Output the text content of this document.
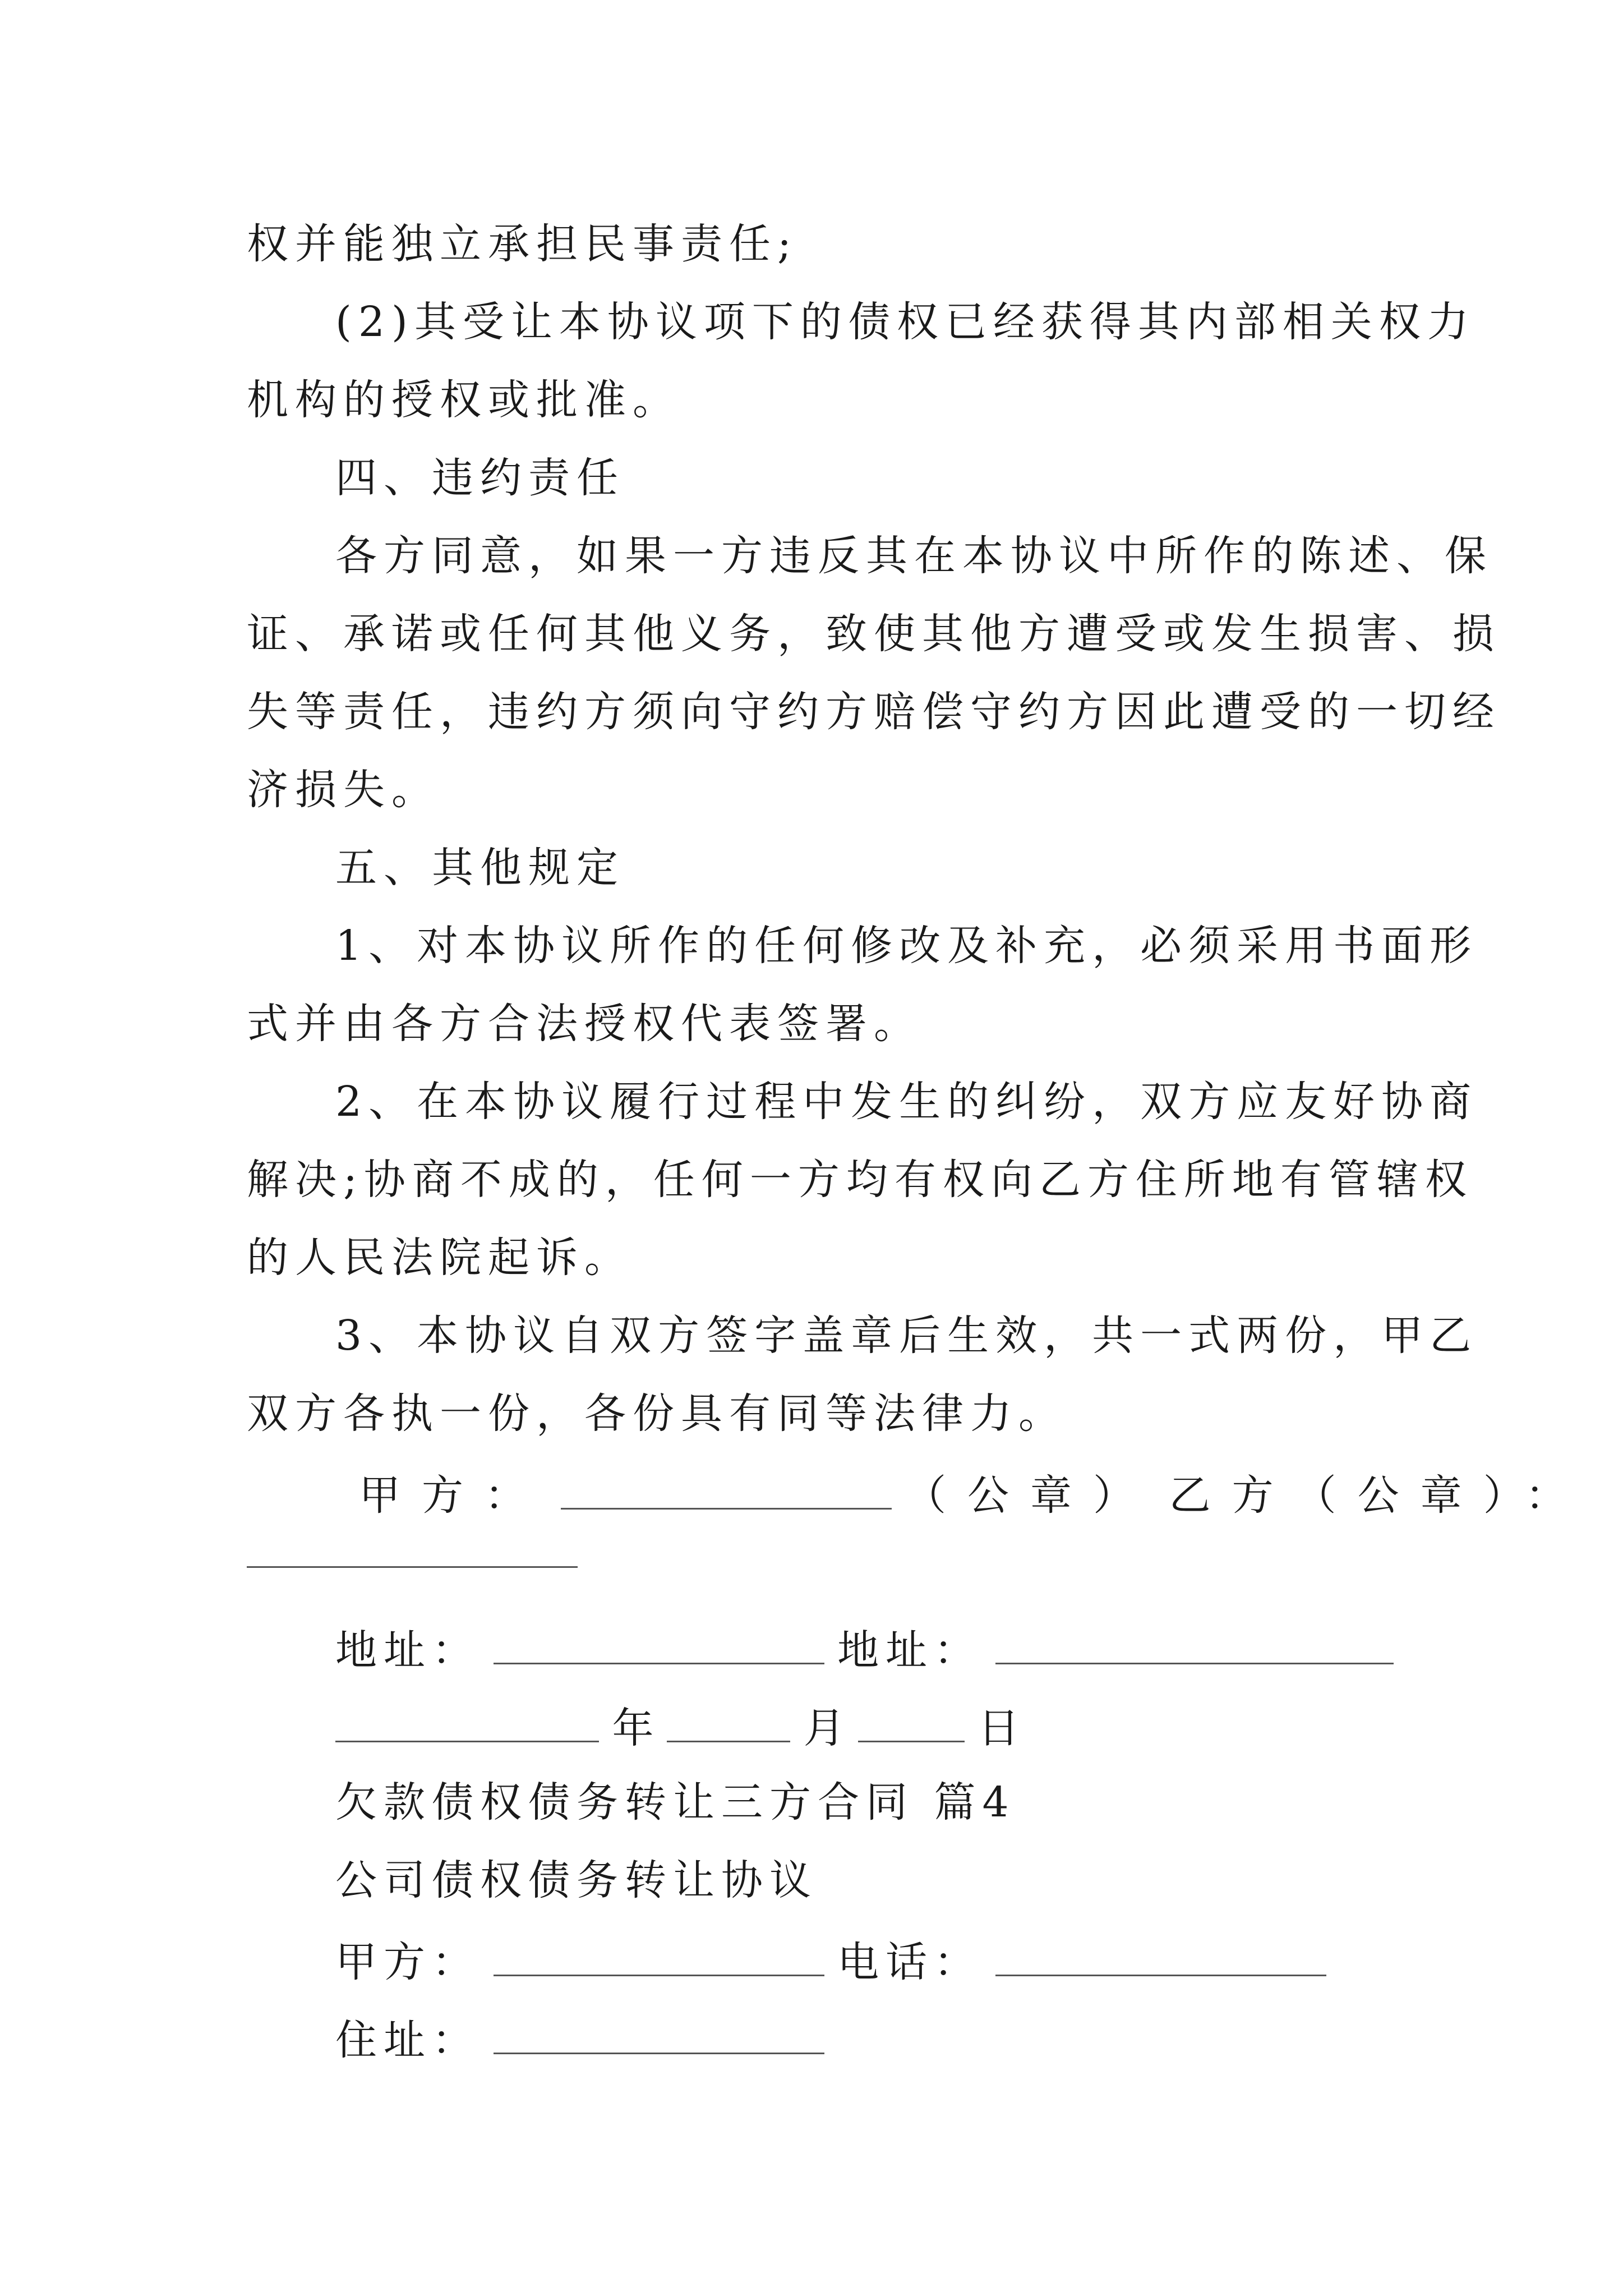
权并能独立承担民事责任;
(2)其受让本协议项下的债权已经获得其内部相关权力
机构的授权或批准。
四、违约责任
各方同意，如果一方违反其在本协议中所作的陈述、保
证、承诺或任何其他义务，致使其他方遭受或发生损害、损
失等责任，违约方须向守约方赔偿守约方因此遭受的一切经
济损失。
五、其他规定
1、对本协议所作的任何修改及补充，必须采用书面形
式并由各方合法授权代表签署。
2、在本协议履行过程中发生的纠纷，双方应友好协商
解决;协商不成的，任何一方均有权向乙方住所地有管辖权
的人民法院起诉。
3、本协议自双方签字盖章后生效，共一式两份，甲乙
双方各执一份，各份具有同等法律力。
甲方：	（公章） 乙方（公章）：
地址：	地址：
年	月	日
欠款债权债务转让三方合同 篇4
公司债权债务转让协议
甲方：	电话：
住址：
